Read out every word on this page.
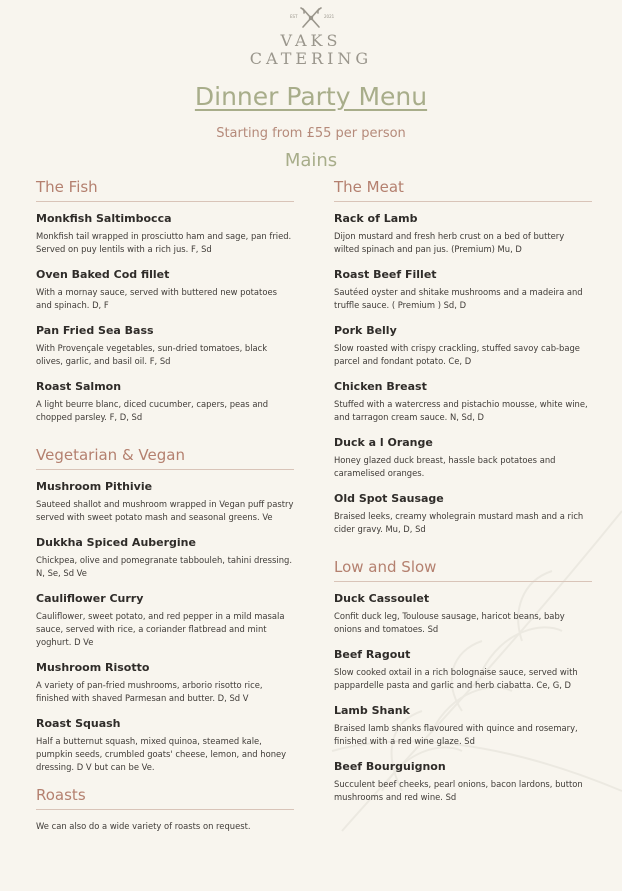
EST	2021
VAKS
CATERING
Dinner Party Menu
Starting from £55 per person
Mains
The Fish
Monkfish Saltimbocca
Monkfish tail wrapped in prosciutto ham and sage, pan fried. Served on puy lentils with a rich jus. F, Sd
Oven Baked Cod fillet
With a mornay sauce, served with buttered new potatoes and spinach. D, F
Pan Fried Sea Bass
With Provençale vegetables, sun-dried tomatoes, black olives, garlic, and basil oil. F, Sd
Roast Salmon
A light beurre blanc, diced cucumber, capers, peas and chopped parsley. F, D, Sd
Vegetarian & Vegan
Mushroom Pithivie
Sauteed shallot and mushroom wrapped in Vegan puff pastry served with sweet potato mash and seasonal greens. Ve
Dukkha Spiced Aubergine
Chickpea, olive and pomegranate tabbouleh, tahini dressing. N, Se, Sd Ve
Cauliflower Curry
Cauliflower, sweet potato, and red pepper in a mild masala sauce, served with rice, a coriander flatbread and mint yoghurt. D Ve
Mushroom Risotto
A variety of pan-fried mushrooms, arborio risotto rice, finished with shaved Parmesan and butter. D, Sd V
Roast Squash
Half a butternut squash, mixed quinoa, steamed kale, pumpkin seeds, crumbled goats' cheese, lemon, and honey dressing. D V but can be Ve.
Roasts
We can also do a wide variety of roasts on request.
The Meat
Rack of Lamb
Dijon mustard and fresh herb crust on a bed of buttery wilted spinach and pan jus. (Premium) Mu, D
Roast Beef Fillet
Sautéed oyster and shitake mushrooms and a madeira and truffle sauce. ( Premium ) Sd, D
Pork Belly
Slow roasted with crispy crackling, stuffed savoy cab-bage parcel and fondant potato. Ce, D
Chicken Breast
Stuffed with a watercress and pistachio mousse, white wine, and tarragon cream sauce. N, Sd, D
Duck a l Orange
Honey glazed duck breast, hassle back potatoes and caramelised oranges.
Old Spot Sausage
Braised leeks, creamy wholegrain mustard mash and a rich cider gravy. Mu, D, Sd
Low and Slow
Duck Cassoulet
Confit duck leg, Toulouse sausage, haricot beans, baby onions and tomatoes. Sd
Beef Ragout
Slow cooked oxtail in a rich bolognaise sauce, served with pappardelle pasta and garlic and herb ciabatta. Ce, G, D
Lamb Shank
Braised lamb shanks flavoured with quince and rosemary, finished with a red wine glaze. Sd
Beef Bourguignon
Succulent beef cheeks, pearl onions, bacon lardons, button mushrooms and red wine. Sd
